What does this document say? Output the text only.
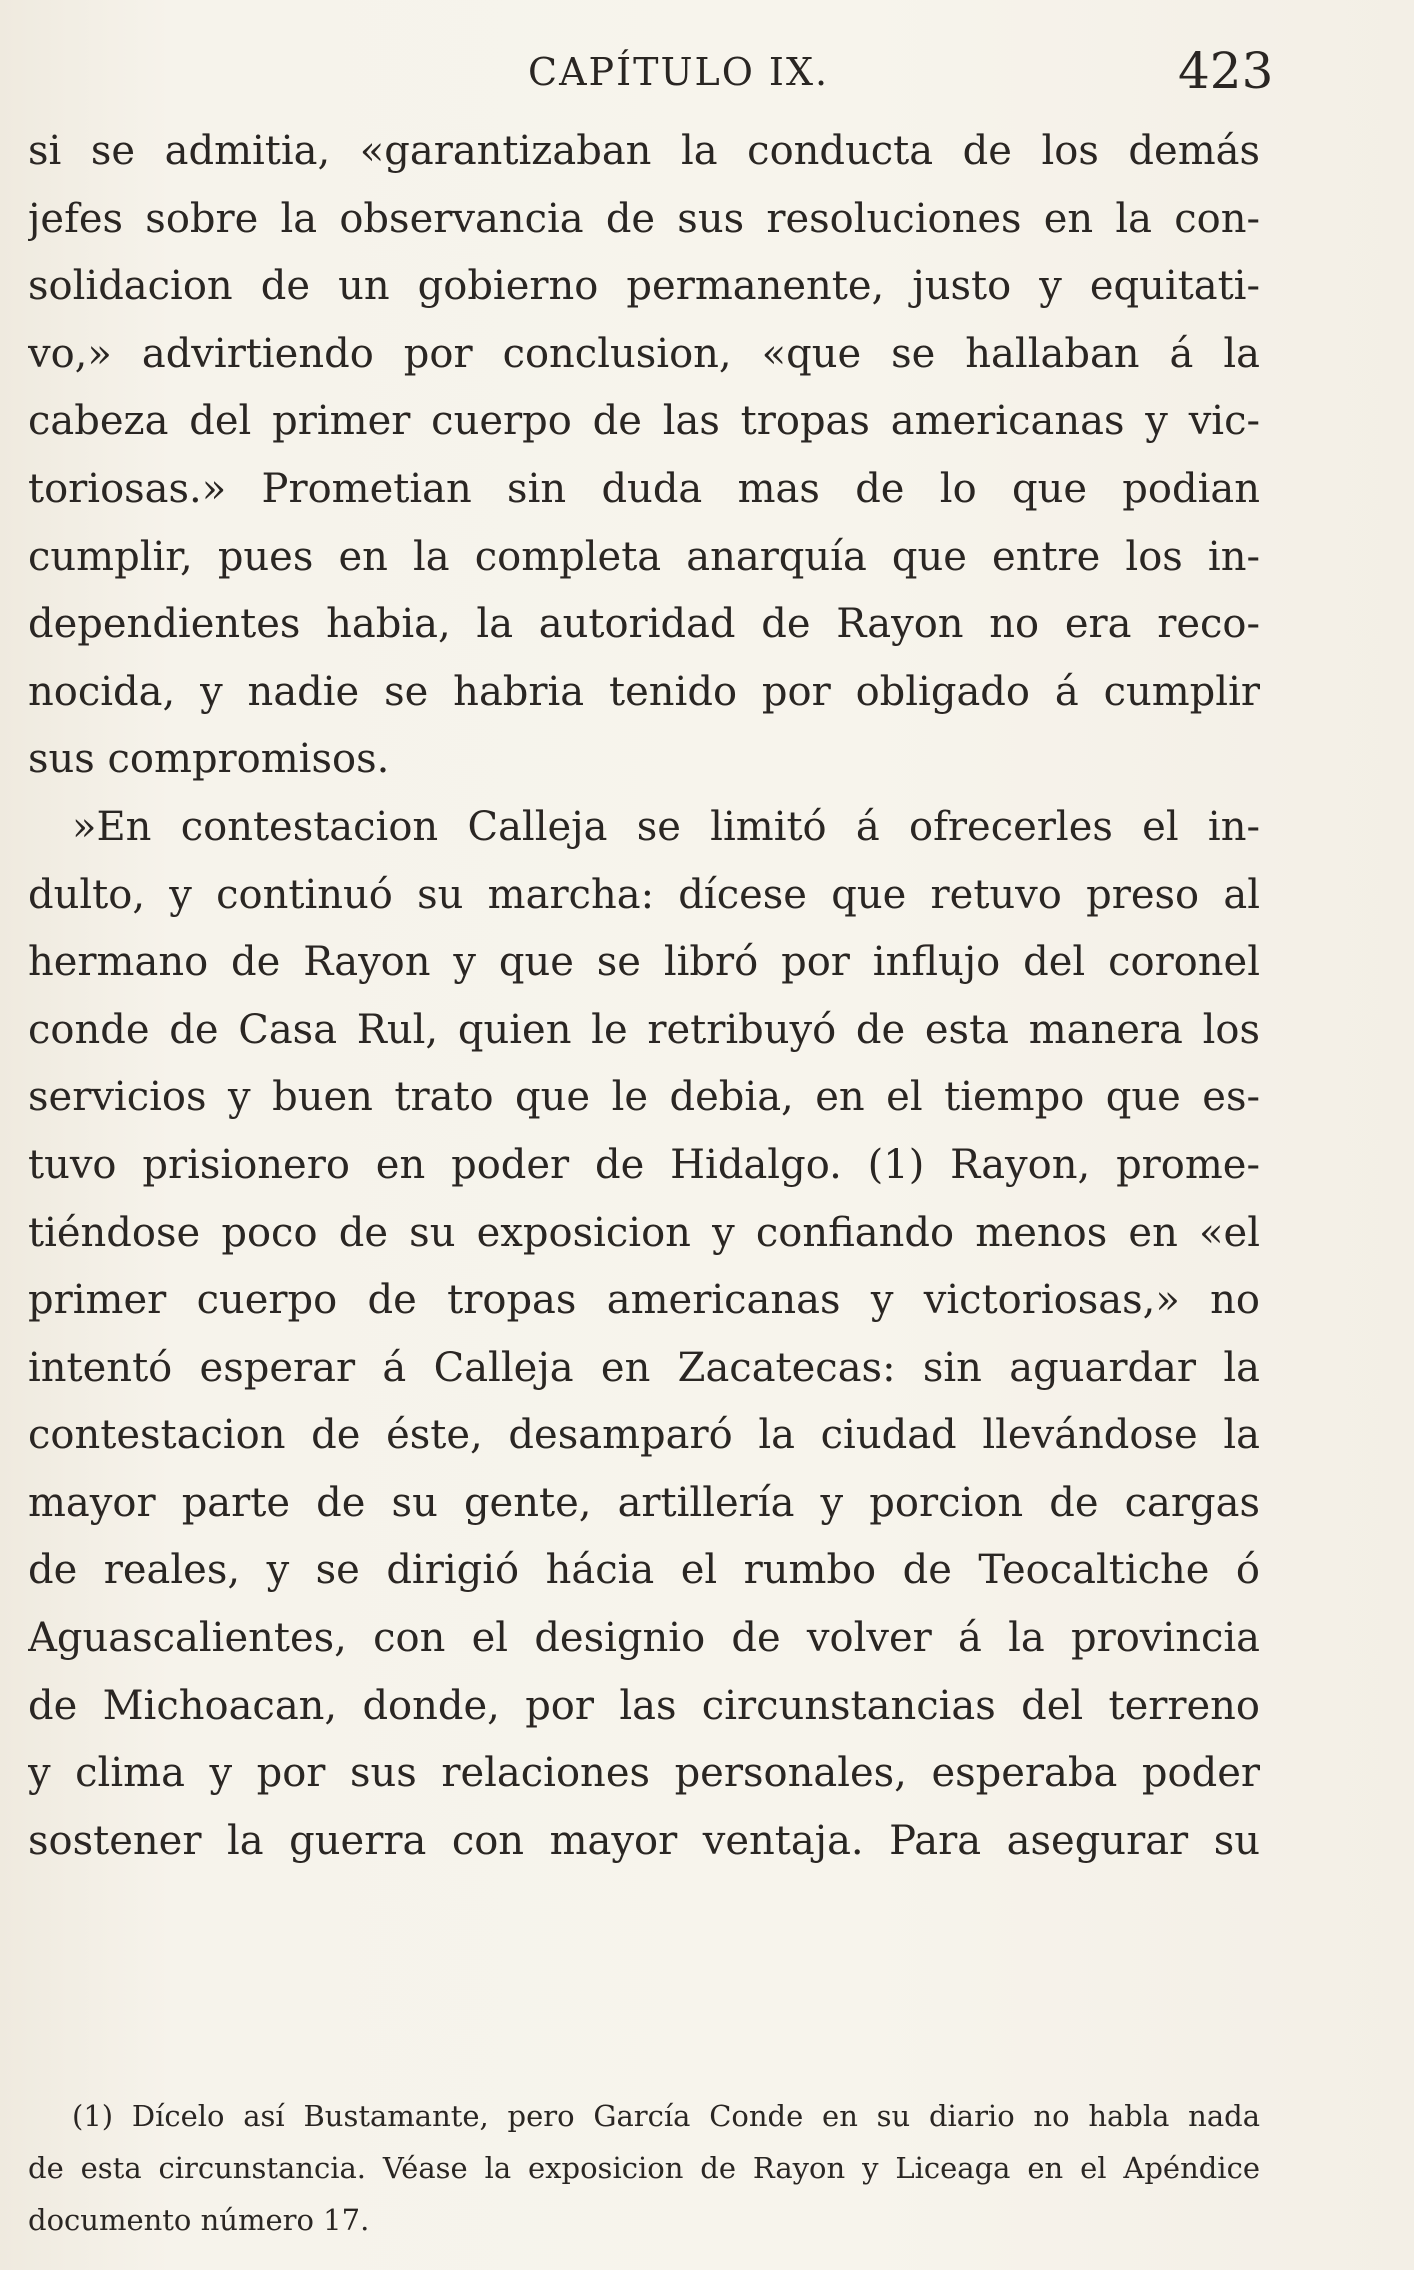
CAPÍTULO IX.	423
si se admitia, «garantizaban la conducta de los demás
jefes sobre la observancia de sus resoluciones en la con-
solidacion de un gobierno permanente, justo y equitati-
vo,» advirtiendo por conclusion, «que se hallaban á la
cabeza del primer cuerpo de las tropas americanas y vic-
toriosas.» Prometian sin duda mas de lo que podian
cumplir, pues en la completa anarquía que entre los in-
dependientes habia, la autoridad de Rayon no era reco-
nocida, y nadie se habria tenido por obligado á cumplir
sus compromisos.
»En contestacion Calleja se limitó á ofrecerles el in-
dulto, y continuó su marcha: dícese que retuvo preso al
hermano de Rayon y que se libró por influjo del coronel
conde de Casa Rul, quien le retribuyó de esta manera los
servicios y buen trato que le debia, en el tiempo que es-
tuvo prisionero en poder de Hidalgo. (1) Rayon, prome-
tiéndose poco de su exposicion y confiando menos en «el
primer cuerpo de tropas americanas y victoriosas,» no
intentó esperar á Calleja en Zacatecas: sin aguardar la
contestacion de éste, desamparó la ciudad llevándose la
mayor parte de su gente, artillería y porcion de cargas
de reales, y se dirigió hácia el rumbo de Teocaltiche ó
Aguascalientes, con el designio de volver á la provincia
de Michoacan, donde, por las circunstancias del terreno
y clima y por sus relaciones personales, esperaba poder
sostener la guerra con mayor ventaja. Para asegurar su
(1) Dícelo así Bustamante, pero García Conde en su diario no habla nada
de esta circunstancia. Véase la exposicion de Rayon y Liceaga en el Apéndice
documento número 17.
